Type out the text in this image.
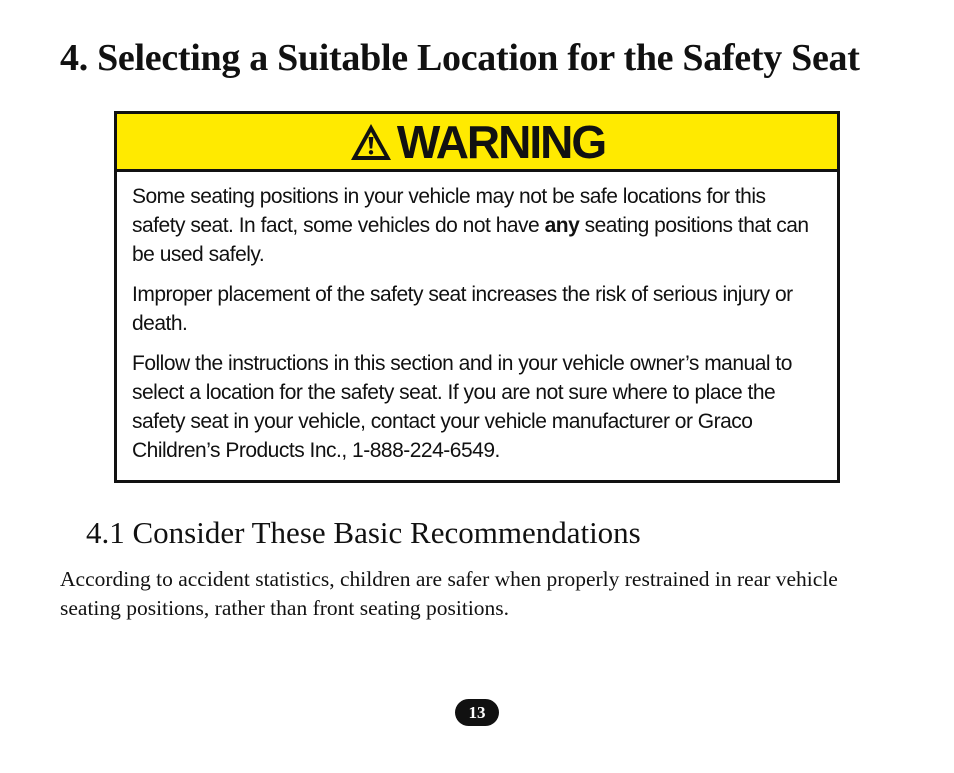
4. Selecting a Suitable Location for the Safety Seat
WARNING

Some seating positions in your vehicle may not be safe locations for this safety seat. In fact, some vehicles do not have any seating positions that can be used safely.

Improper placement of the safety seat increases the risk of serious injury or death.

Follow the instructions in this section and in your vehicle owner’s manual to select a location for the safety seat. If you are not sure where to place the safety seat in your vehicle, contact your vehicle manufacturer or Graco Children’s Products Inc., 1-888-224-6549.

4.1 Consider These Basic Recommendations

According to accident statistics, children are safer when properly restrained in rear vehicle seating positions, rather than front seating positions.

13
